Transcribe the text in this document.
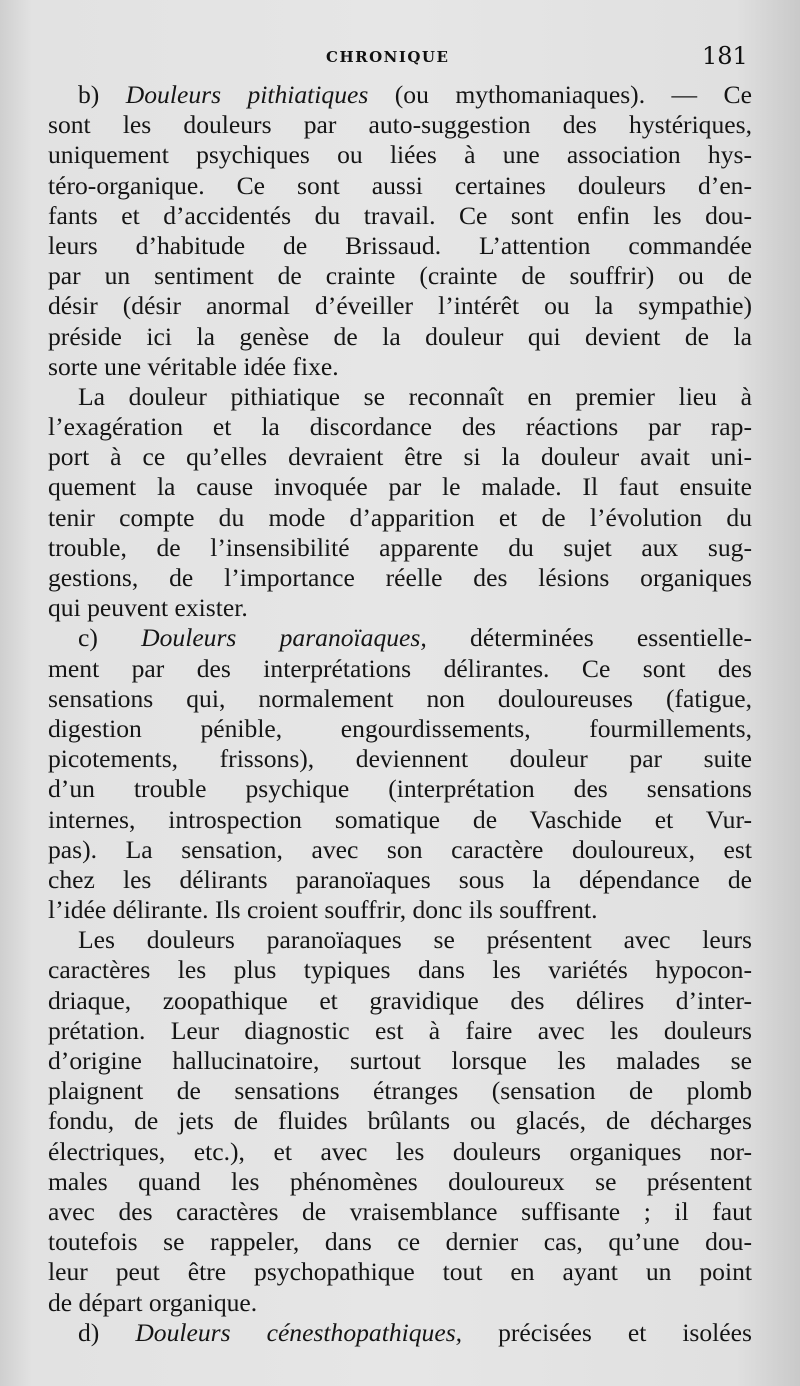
CHRONIQUE	181
b) Douleurs pithiatiques (ou mythomaniaques). — Ce
sont les douleurs par auto-suggestion des hystériques,
uniquement psychiques ou liées à une association hys-
téro-organique. Ce sont aussi certaines douleurs d’en-
fants et d’accidentés du travail. Ce sont enfin les dou-
leurs d’habitude de Brissaud. L’attention commandée
par un sentiment de crainte (crainte de souffrir) ou de
désir (désir anormal d’éveiller l’intérêt ou la sympathie)
préside ici la genèse de la douleur qui devient de la
sorte une véritable idée fixe.
La douleur pithiatique se reconnaît en premier lieu à
l’exagération et la discordance des réactions par rap-
port à ce qu’elles devraient être si la douleur avait uni-
quement la cause invoquée par le malade. Il faut ensuite
tenir compte du mode d’apparition et de l’évolution du
trouble, de l’insensibilité apparente du sujet aux sug-
gestions, de l’importance réelle des lésions organiques
qui peuvent exister.
c) Douleurs paranoïaques, déterminées essentielle-
ment par des interprétations délirantes. Ce sont des
sensations qui, normalement non douloureuses (fatigue,
digestion pénible, engourdissements, fourmillements,
picotements, frissons), deviennent douleur par suite
d’un trouble psychique (interprétation des sensations
internes, introspection somatique de Vaschide et Vur-
pas). La sensation, avec son caractère douloureux, est
chez les délirants paranoïaques sous la dépendance de
l’idée délirante. Ils croient souffrir, donc ils souffrent.
Les douleurs paranoïaques se présentent avec leurs
caractères les plus typiques dans les variétés hypocon-
driaque, zoopathique et gravidique des délires d’inter-
prétation. Leur diagnostic est à faire avec les douleurs
d’origine hallucinatoire, surtout lorsque les malades se
plaignent de sensations étranges (sensation de plomb
fondu, de jets de fluides brûlants ou glacés, de décharges
électriques, etc.), et avec les douleurs organiques nor-
males quand les phénomènes douloureux se présentent
avec des caractères de vraisemblance suffisante ; il faut
toutefois se rappeler, dans ce dernier cas, qu’une dou-
leur peut être psychopathique tout en ayant un point
de départ organique.
d) Douleurs cénesthopathiques, précisées et isolées
